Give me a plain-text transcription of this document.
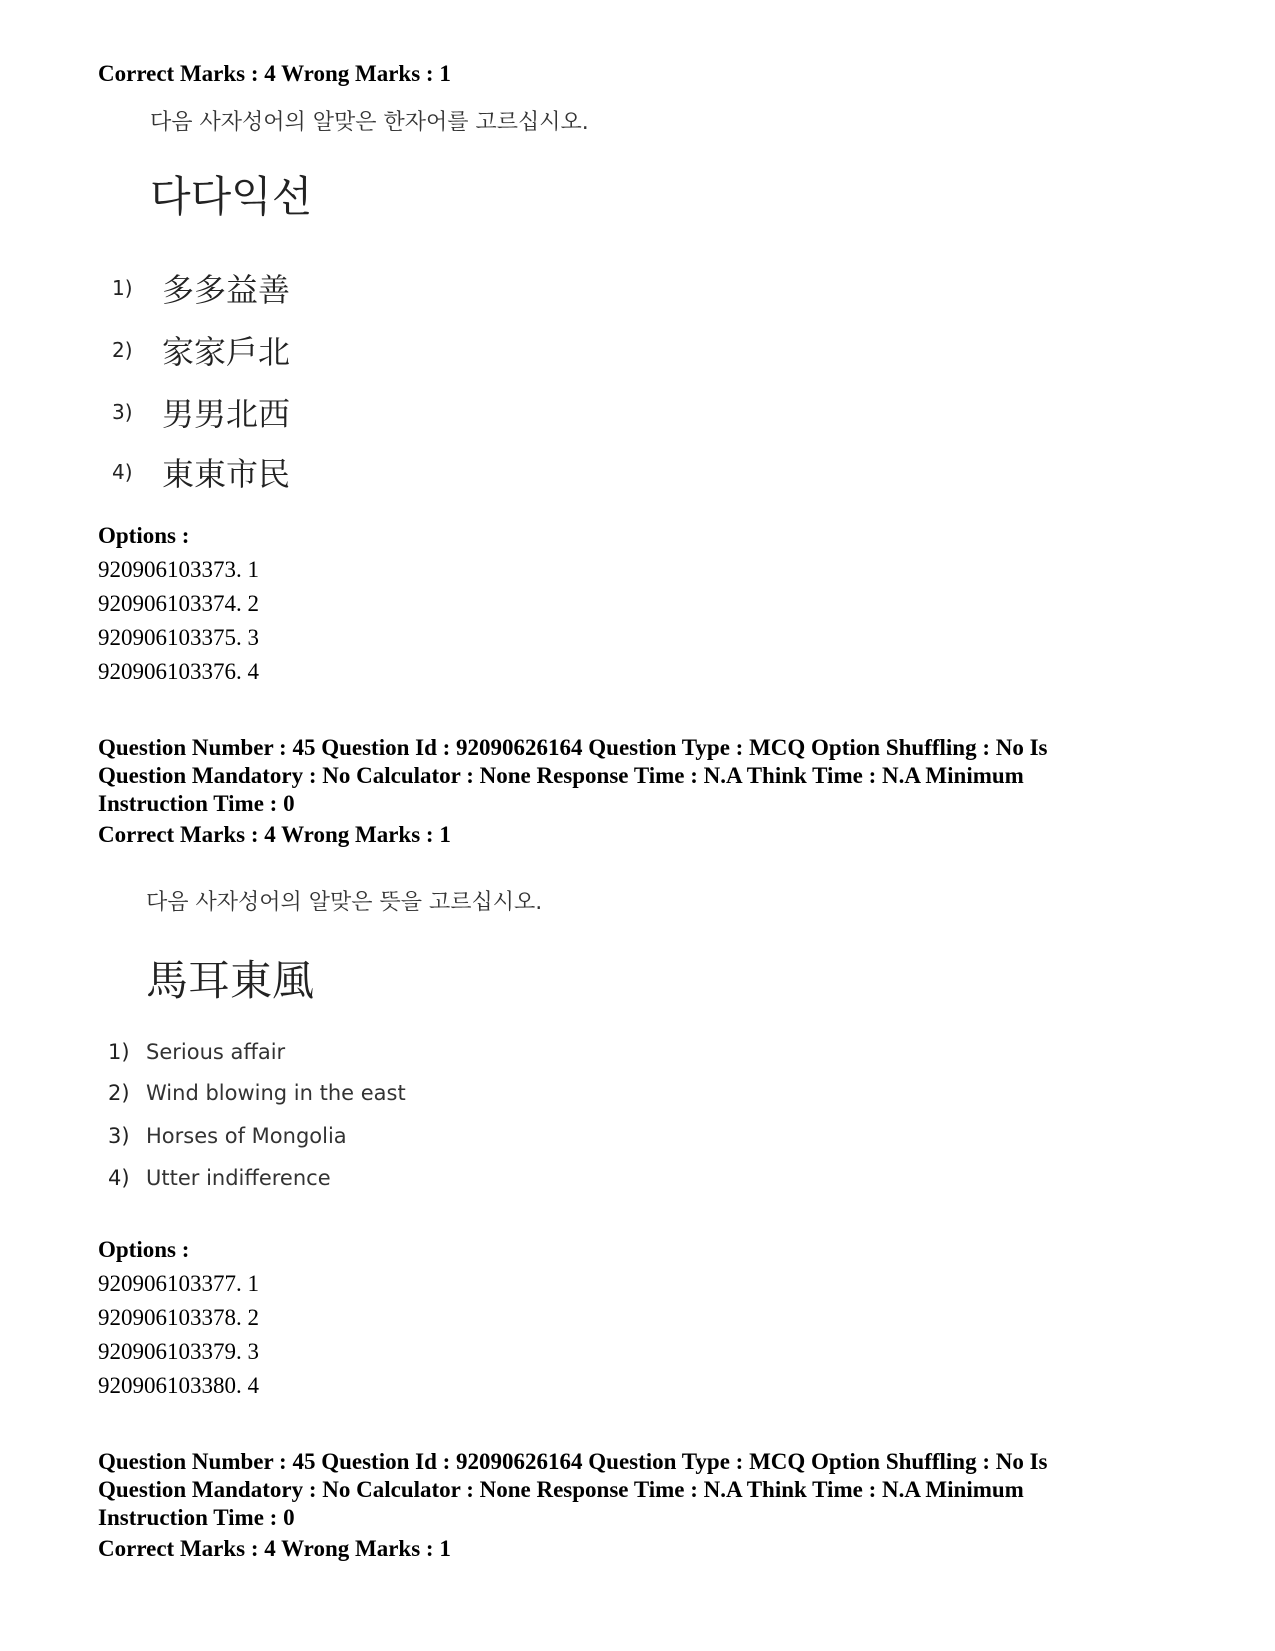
Correct Marks : 4 Wrong Marks : 1
다음 사자성어의 알맞은 한자어를 고르십시오.
다다익선
1) 多多益善
2) 家家戶北
3) 男男北西
4) 東東市民
Options :
920906103373. 1
920906103374. 2
920906103375. 3
920906103376. 4
Question Number : 45 Question Id : 92090626164 Question Type : MCQ Option Shuffling : No Is
Question Mandatory : No Calculator : None Response Time : N.A Think Time : N.A Minimum
Instruction Time : 0
Correct Marks : 4 Wrong Marks : 1
다음 사자성어의 알맞은 뜻을 고르십시오.
馬耳東風
1) Serious affair
2) Wind blowing in the east
3) Horses of Mongolia
4) Utter indifference
Options :
920906103377. 1
920906103378. 2
920906103379. 3
920906103380. 4
Question Number : 45 Question Id : 92090626164 Question Type : MCQ Option Shuffling : No Is
Question Mandatory : No Calculator : None Response Time : N.A Think Time : N.A Minimum
Instruction Time : 0
Correct Marks : 4 Wrong Marks : 1
